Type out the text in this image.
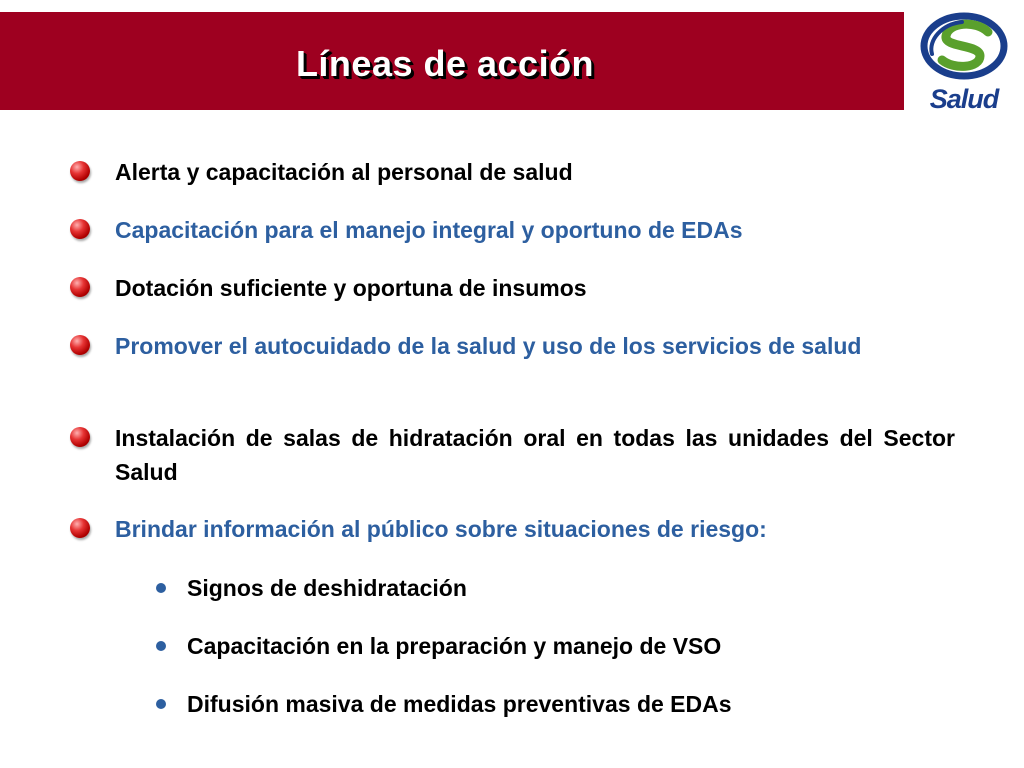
Líneas de acción
Salud
Alerta y capacitación al personal de salud
Capacitación para el manejo integral y oportuno de EDAs
Dotación suficiente y oportuna de insumos
Promover el autocuidado de la salud y uso de los servicios de salud
Instalación de salas de hidratación oral en todas las unidades del Sector Salud
Brindar información al público sobre situaciones de riesgo:
Signos de deshidratación
Capacitación en la preparación y manejo de VSO
Difusión masiva de medidas preventivas de EDAs
